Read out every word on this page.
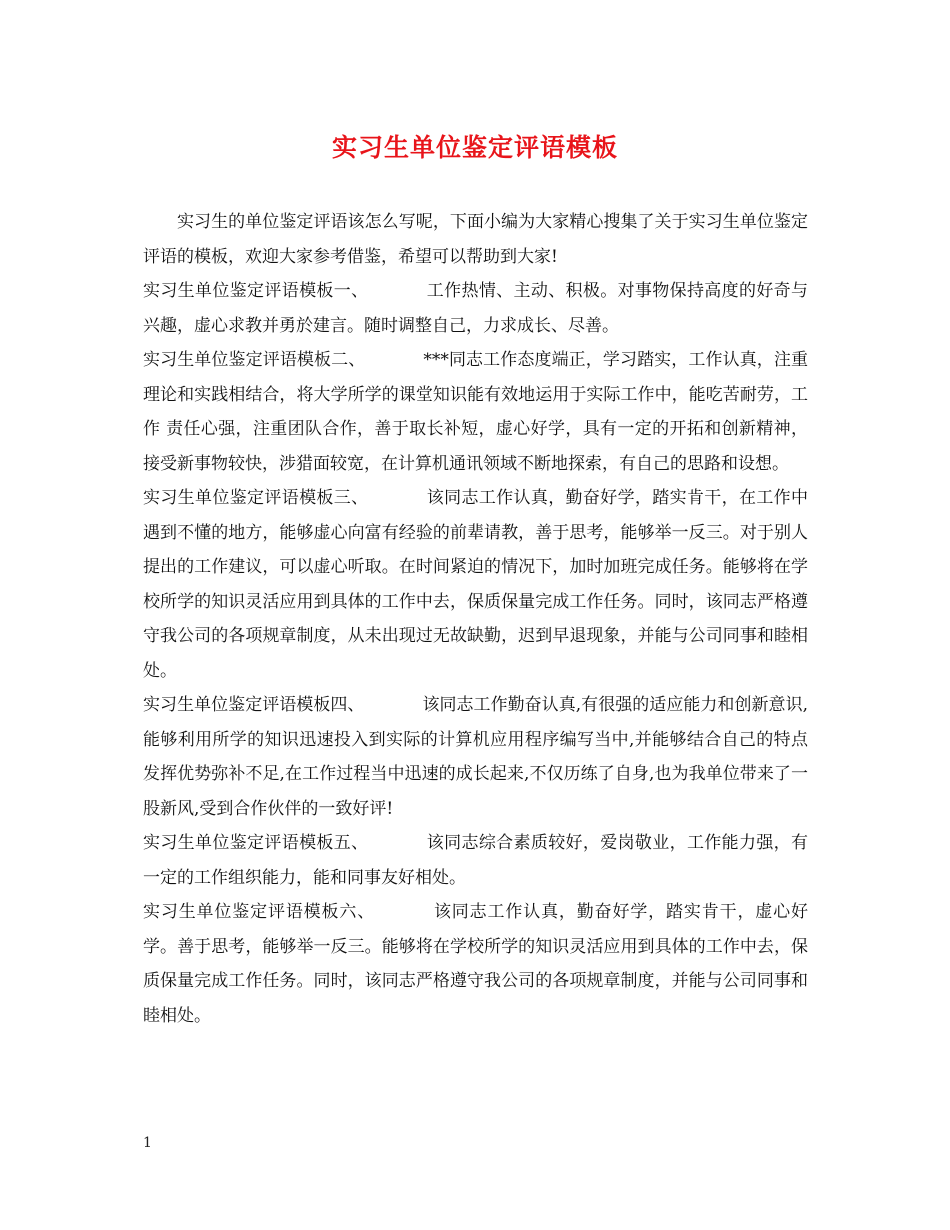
实习生单位鉴定评语模板

实习生的单位鉴定评语该怎么写呢，下面小编为大家精心搜集了关于实习生单位鉴定评语的模板，欢迎大家参考借鉴，希望可以帮助到大家!

实习生单位鉴定评语模板一、	工作热情、主动、积极。对事物保持高度的好奇与兴趣，虚心求教并勇於建言。随时调整自己，力求成长、尽善。

实习生单位鉴定评语模板二、	***同志工作态度端正，学习踏实，工作认真，注重理论和实践相结合，将大学所学的课堂知识能有效地运用于实际工作中，能吃苦耐劳，工作 责任心强，注重团队合作，善于取长补短，虚心好学，具有一定的开拓和创新精神，接受新事物较快，涉猎面较宽，在计算机通讯领域不断地探索，有自己的思路和设想。

实习生单位鉴定评语模板三、	该同志工作认真，勤奋好学，踏实肯干，在工作中遇到不懂的地方，能够虚心向富有经验的前辈请教，善于思考，能够举一反三。对于别人提出的工作建议，可以虚心听取。在时间紧迫的情况下，加时加班完成任务。能够将在学校所学的知识灵活应用到具体的工作中去，保质保量完成工作任务。同时，该同志严格遵守我公司的各项规章制度，从未出现过无故缺勤，迟到早退现象，并能与公司同事和睦相处。

实习生单位鉴定评语模板四、	该同志工作勤奋认真,有很强的适应能力和创新意识,能够利用所学的知识迅速投入到实际的计算机应用程序编写当中,并能够结合自己的特点发挥优势弥补不足,在工作过程当中迅速的成长起来,不仅历练了自身,也为我单位带来了一股新风,受到合作伙伴的一致好评!

实习生单位鉴定评语模板五、	该同志综合素质较好，爱岗敬业，工作能力强，有一定的工作组织能力，能和同事友好相处。

实习生单位鉴定评语模板六、	该同志工作认真，勤奋好学，踏实肯干，虚心好学。善于思考，能够举一反三。能够将在学校所学的知识灵活应用到具体的工作中去，保质保量完成工作任务。同时，该同志严格遵守我公司的各项规章制度，并能与公司同事和睦相处。

1
